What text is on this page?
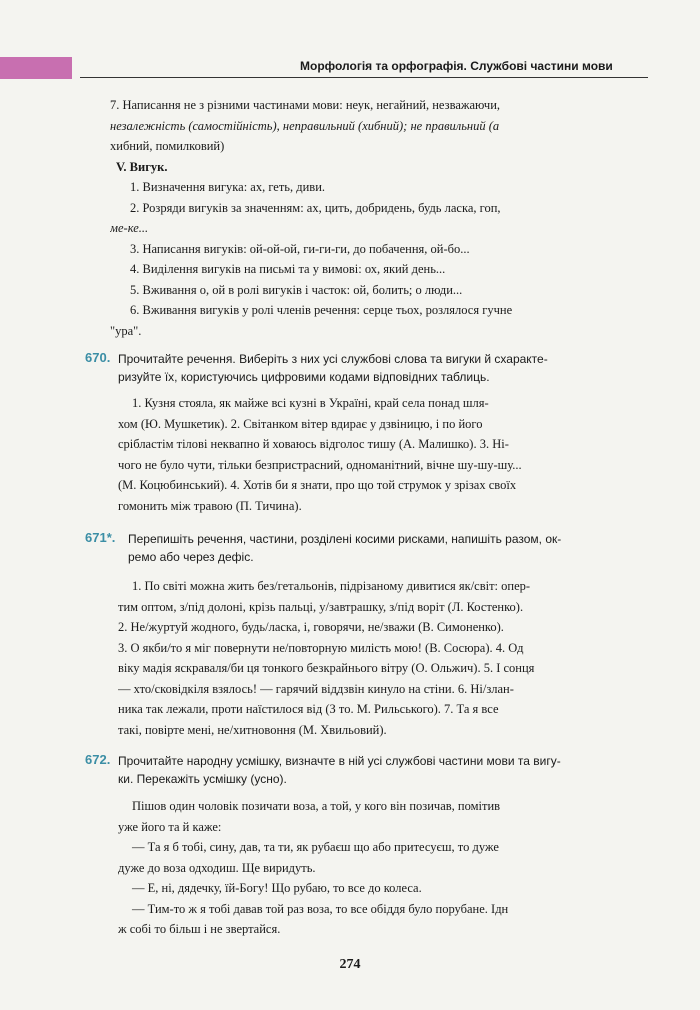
Морфологія та орфографія. Службові частини мови
7. Написання не з різними частинами мови: неук, негайний, незважаючи,
незалежність (самостійність), неправильний (хибний); не правильний (а
хибний, помилковий)
V. Вигук.
1. Визначення вигука: ах, геть, диви.
2. Розряди вигуків за значенням: ах, цить, добридень, будь ласка, гоп,
ме-ке...
3. Написання вигуків: ой-ой-ой, ги-ги-ги, до побачення, ой-бо...
4. Виділення вигуків на письмі та у вимові: ох, який день...
5. Вживання о, ой в ролі вигуків і часток: ой, болить; о люди...
6. Вживання вигуків у ролі членів речення: серце тьох, розлялося гучне
"ура".
670. Прочитайте речення. Виберіть з них усі службові слова та вигуки й схаракте-
ризуйте їх, користуючись цифровими кодами відповідних таблиць.
1. Кузня стояла, як майже всі кузні в Україні, край села понад шля-
хом (Ю. Мушкетик). 2. Світанком вітер вдирає у дзвіницю, і по його
срібластім тілові неквапно й ховаюсь відголос тишу (А. Малишко). 3. Ні-
чого не було чути, тільки безпристрасний, одноманітний, вічне шу-шу-шу...
(М. Коцюбинський). 4. Хотів би я знати, про що той струмок у зрізах своїх
гомонить між травою (П. Тичина).
671*. Перепишіть речення, частини, розділені косими рисками, напишіть разом, ок-
ремо або через дефіс.
1. По світі можна жить без/гетальонів, підрізаному дивитися як/світ: опер-
тим оптом, з/під долоні, крізь пальці, у/завтрашку, з/під воріт (Л. Костенко).
2. Не/журтуй жодного, будь/ласка, і, говорячи, не/зважи (В. Симоненко).
3. О якби/то я міг повернути не/повторную милість мою! (В. Сосюра). 4. Од
віку мадія яскраваля/би ця тонкого безкрайнього вітру (О. Ольжич). 5. І сонця
— хто/сковідкіля взялось! — гарячий віддзвін кинуло на стіни. 6. Ні/злан-
ника так лежали, проти наїстилося від (З то. М. Рильського). 7. Та я все
такі, повірте мені, не/хитновоння (М. Хвильовий).
672. Прочитайте народну усмішку, визначте в ній усі службові частини мови та вигу-
ки. Перекажіть усмішку (усно).
Пішов один чоловік позичати воза, а той, у кого він позичав, помітив
уже його та й каже:
— Та я б тобі, сину, дав, та ти, як рубаєш що або притесуєш, то дуже
дуже до воза одходиш. Ще виридуть.
— Е, ні, дядечку, їй-Богу! Що рубаю, то все до колеса.
— Тим-то ж я тобі давав той раз воза, то все обіддя було порубане. Ідн
ж собі то більш і не звертайся.
274
